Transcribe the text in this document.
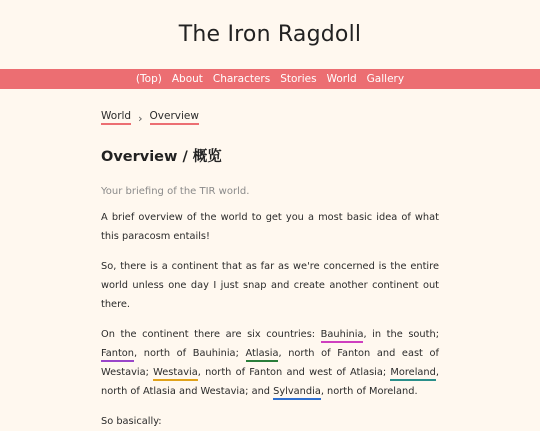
The Iron Ragdoll
(Top) About Characters Stories World Gallery
World › Overview
Overview / 概览

Your briefing of the TIR world.

A brief overview of the world to get you a most basic idea of what this paracosm entails!

So, there is a continent that as far as we're concerned is the entire world unless one day I just snap and create another continent out there.

On the continent there are six countries: Bauhinia, in the south; Fanton, north of Bauhinia; Atlasia, north of Fanton and east of Westavia; Westavia, north of Fanton and west of Atlasia; Moreland, north of Atlasia and Westavia; and Sylvandia, north of Moreland.

So basically:
